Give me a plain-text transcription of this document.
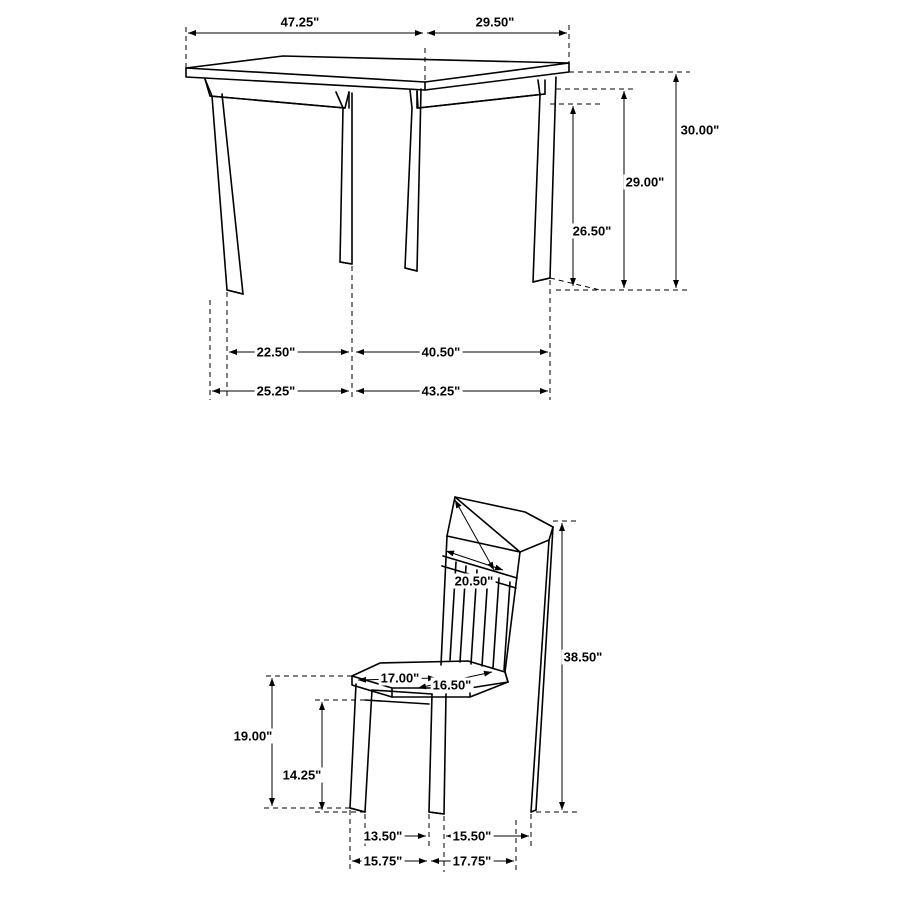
47.25"	29.50"
30.00"
29.00"
26.50"
22.50"	40.50"
25.25"	43.25"
20.50"
38.50"
17.00" 16.50"
19.00"
14.25"
13.50"	15.50"
15.75"	17.75"
